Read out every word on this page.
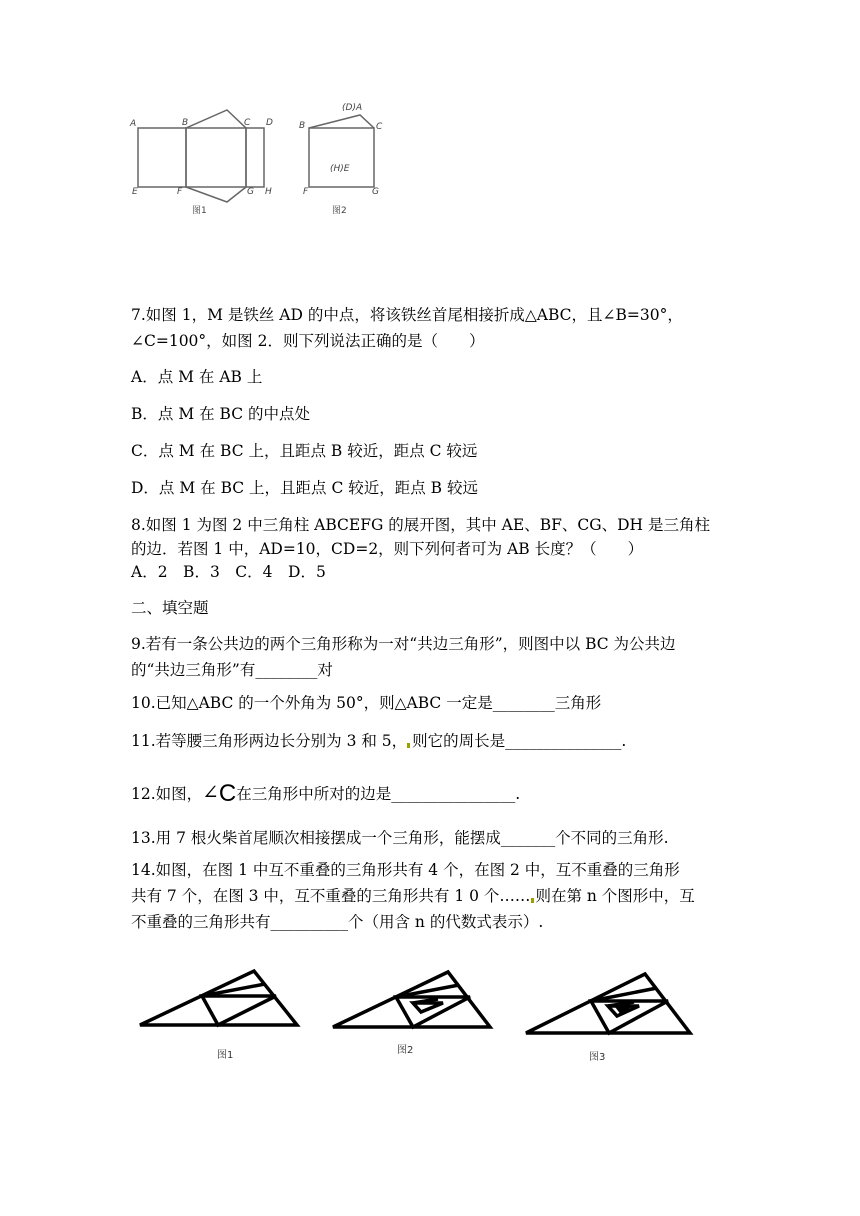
A	B	C D
E	F	G H
图1
(D)A
B	C
(H)E
F	G
图2
7.如图 1，M 是铁丝 AD 的中点，将该铁丝首尾相接折成△ABC，且∠B=30°，
∠C=100°，如图 2．则下列说法正确的是（　　）
A．点 M 在 AB 上
B．点 M 在 BC 的中点处
C．点 M 在 BC 上，且距点 B 较近，距点 C 较远
D．点 M 在 BC 上，且距点 C 较近，距点 B 较远
8.如图 1 为图 2 中三角柱 ABCEFG 的展开图，其中 AE、BF、CG、DH 是三角柱
的边．若图 1 中，AD=10，CD=2，则下列何者可为 AB 长度？（　　）
A．2　B．3　C．4　D．5
二、填空题
9.若有一条公共边的两个三角形称为一对“共边三角形”，则图中以 BC 为公共边
的“共边三角形”有________对
10.已知△ABC 的一个外角为 50°，则△ABC 一定是________三角形
11.若等腰三角形两边长分别为 3 和 5， 则它的周长是_______________.
12.如图，∠C在三角形中所对的边是________________.
13.用 7 根火柴首尾顺次相接摆成一个三角形，能摆成_______个不同的三角形.
14.如图，在图 1 中互不重叠的三角形共有 4 个，在图 2 中，互不重叠的三角形
共有 7 个，在图 3 中，互不重叠的三角形共有 1 0 个…… 则在第 n 个图形中，互
不重叠的三角形共有__________个（用含 n 的代数式表示）.
图1	图2
图3
